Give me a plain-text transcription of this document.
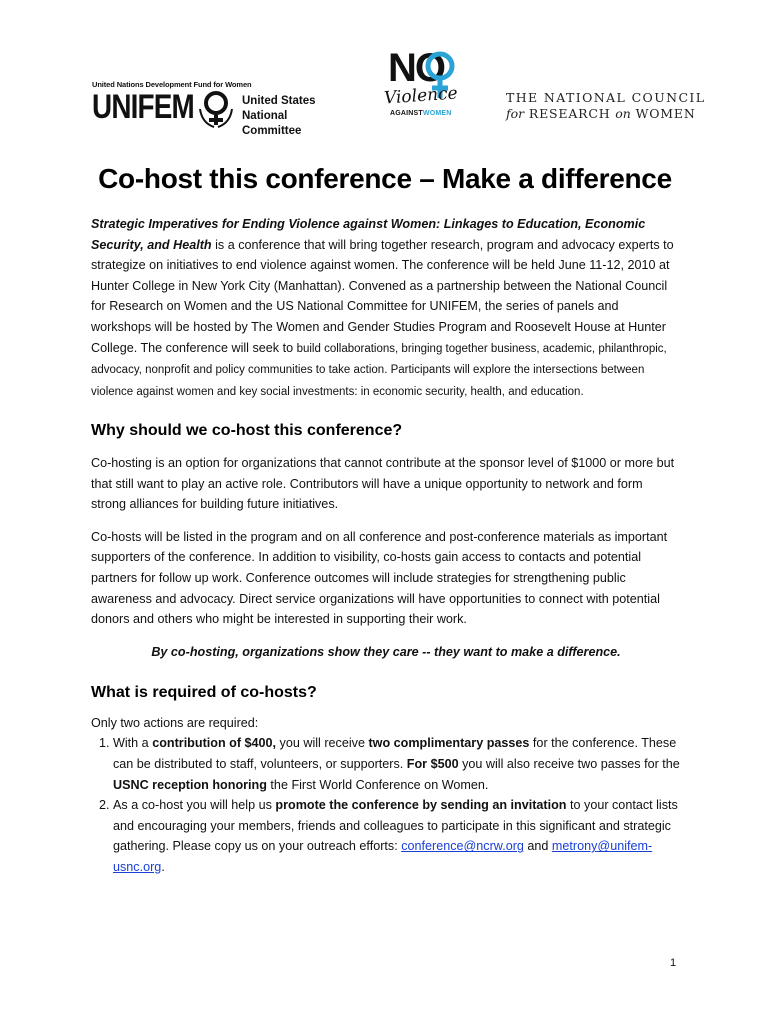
United Nations Development Fund for Women
UNIFEM	United States
National Committee
NO
Violence
AGAINSTWOMEN
THE NATIONAL COUNCIL
for RESEARCH on WOMEN
Co-host this conference – Make a difference

Strategic Imperatives for Ending Violence against Women: Linkages to Education, Economic Security, and Health is a conference that will bring together research, program and advocacy experts to strategize on initiatives to end violence against women. The conference will be held June 11-12, 2010 at Hunter College in New York City (Manhattan). Convened as a partnership between the National Council for Research on Women and the US National Committee for UNIFEM, the series of panels and workshops will be hosted by The Women and Gender Studies Program and Roosevelt House at Hunter College. The conference will seek to build collaborations, bringing together business, academic, philanthropic, advocacy, nonprofit and policy communities to take action. Participants will explore the intersections between violence against women and key social investments: in economic security, health, and education.

Why should we co-host this conference?

Co-hosting is an option for organizations that cannot contribute at the sponsor level of $1000 or more but that still want to play an active role. Contributors will have a unique opportunity to network and form strong alliances for building future initiatives.

Co-hosts will be listed in the program and on all conference and post-conference materials as important supporters of the conference. In addition to visibility, co-hosts gain access to contacts and potential partners for follow up work. Conference outcomes will include strategies for strengthening public awareness and advocacy. Direct service organizations will have opportunities to connect with potential donors and others who might be interested in supporting their work.

By co-hosting, organizations show they care -- they want to make a difference.

What is required of co-hosts?

Only two actions are required:

1. With a contribution of $400, you will receive two complimentary passes for the conference. These can be distributed to staff, volunteers, or supporters. For $500 you will also receive two passes for the USNC reception honoring the First World Conference on Women.
2. As a co-host you will help us promote the conference by sending an invitation to your contact lists and encouraging your members, friends and colleagues to participate in this significant and strategic gathering. Please copy us on your outreach efforts: conference@ncrw.org and metrony@unifem-usnc.org.
1
